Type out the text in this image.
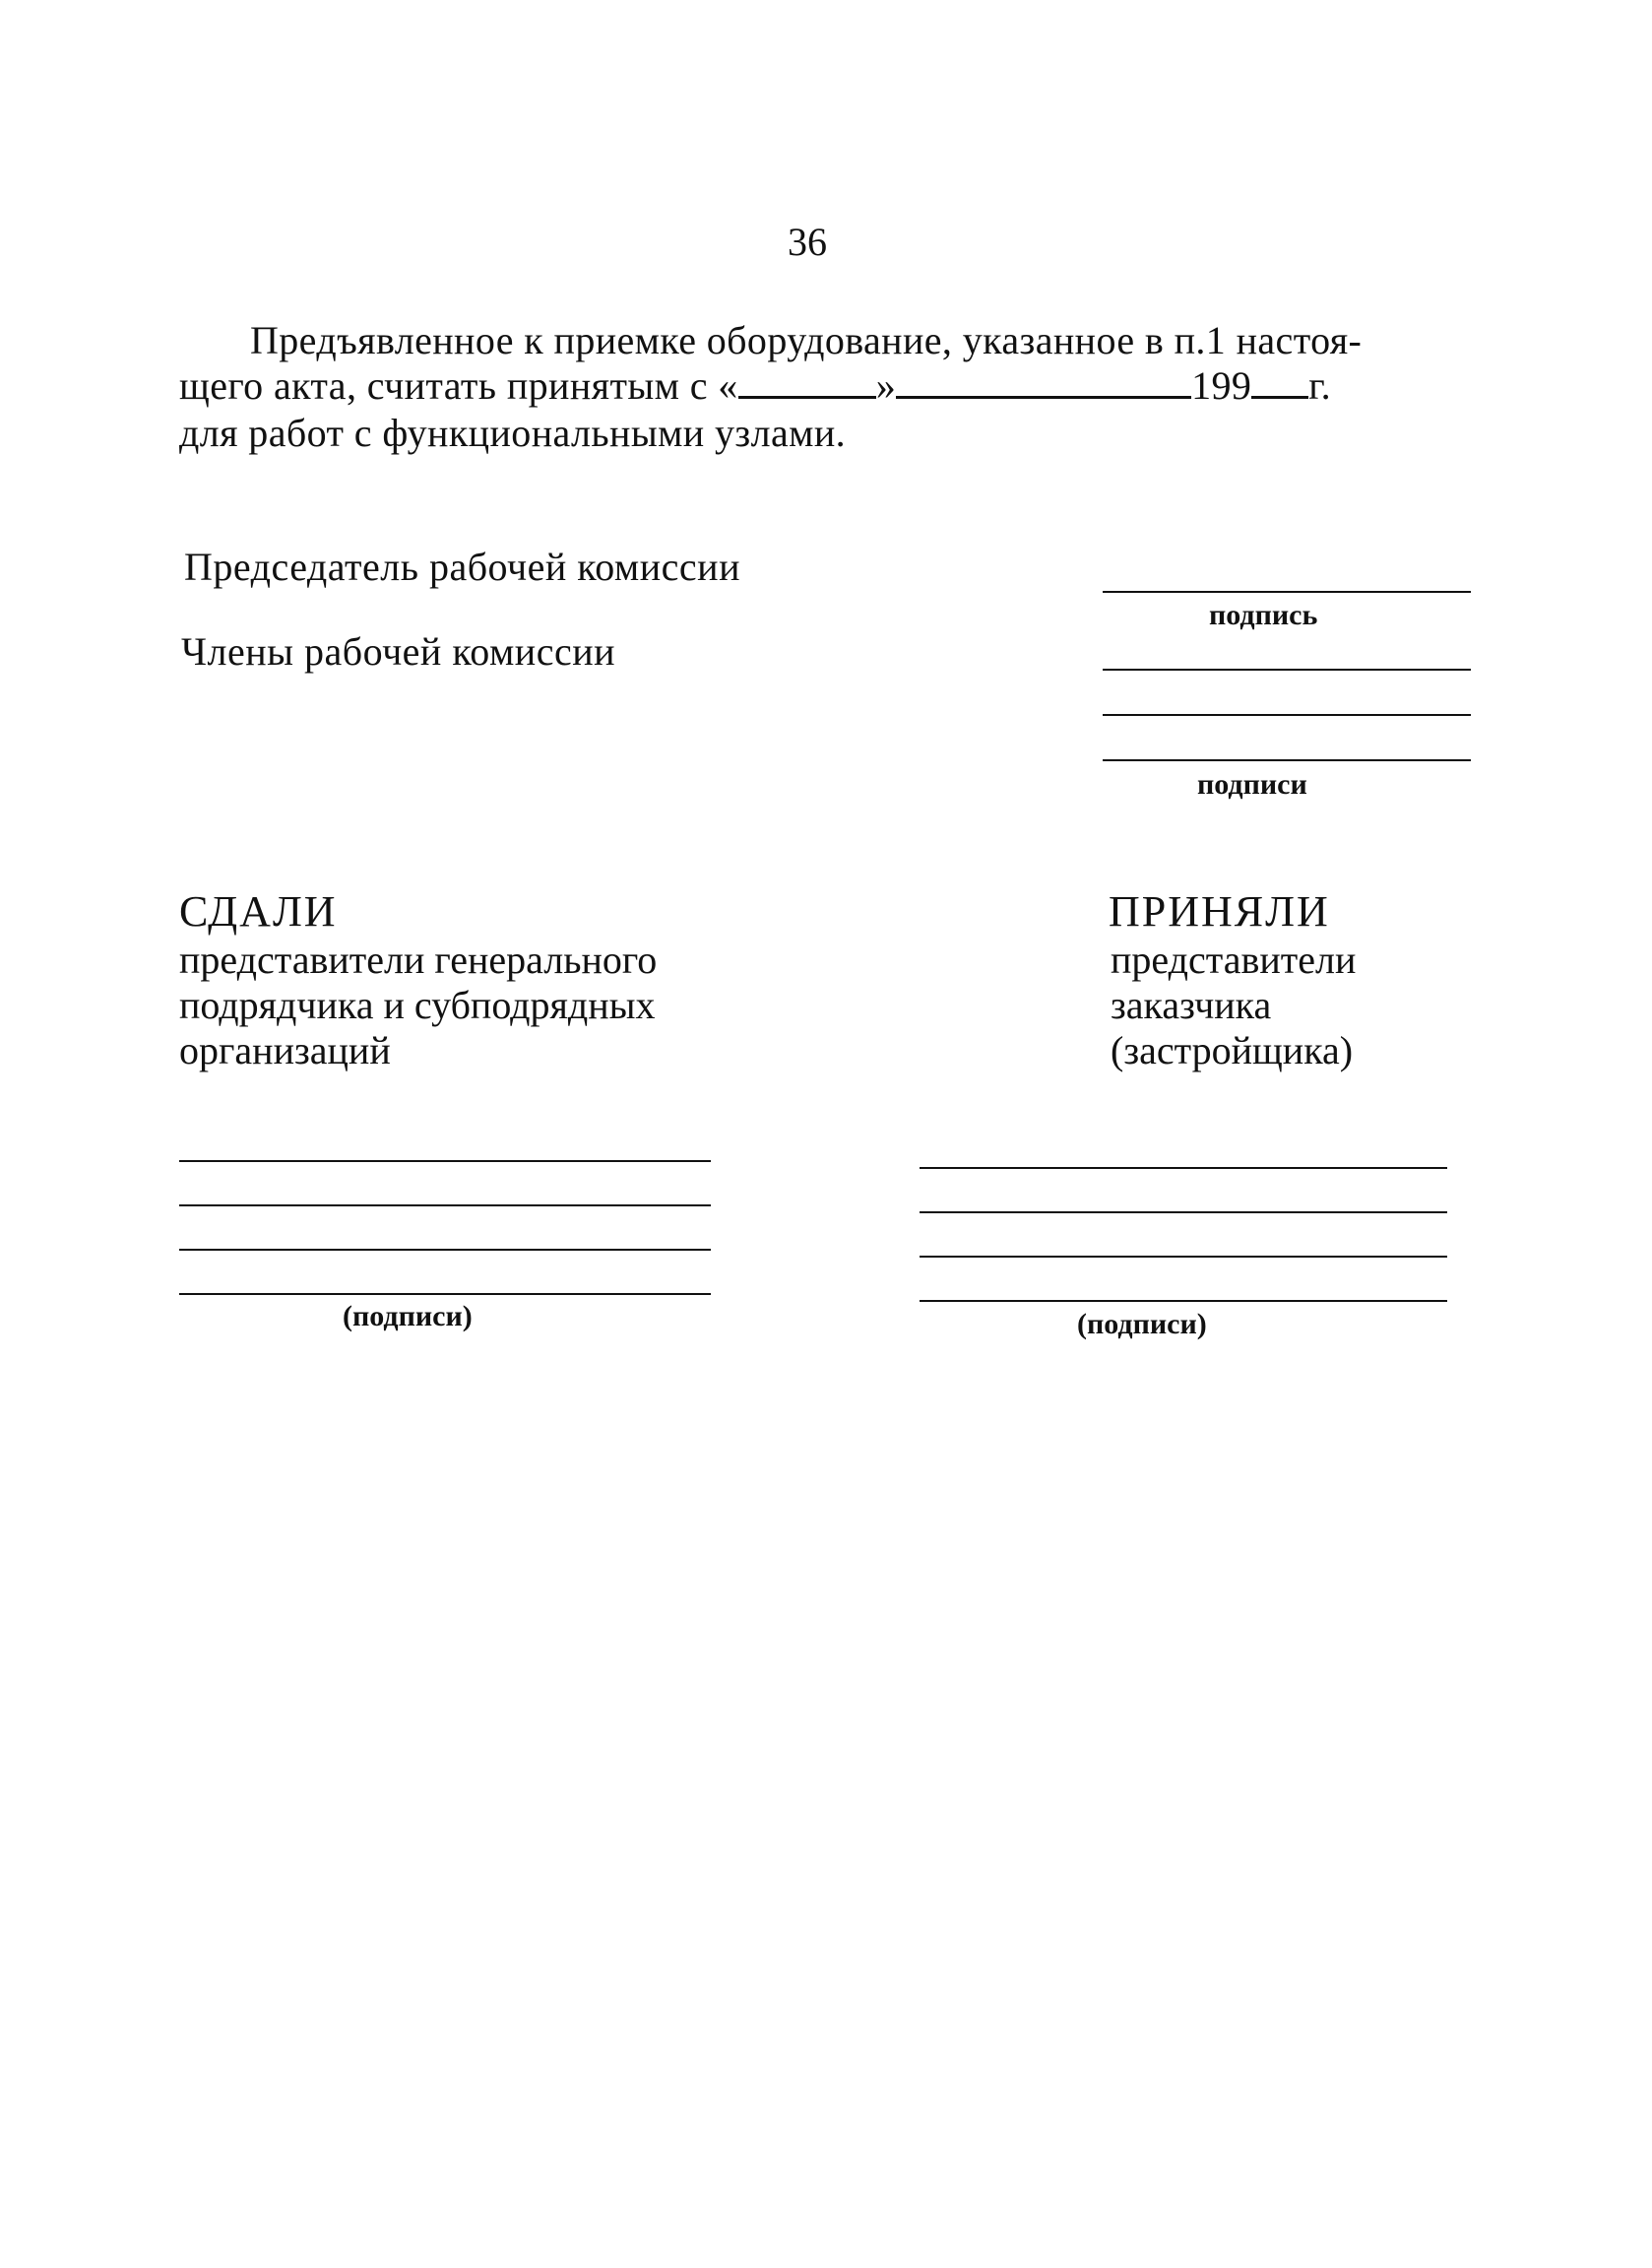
36
Предъявленное к приемке оборудование, указанное в п.1 настоя-
щего акта, считать принятым с «	»	199 г.
для работ с функциональными узлами.
Председатель рабочей комиссии
подпись
Члены рабочей комиссии
подписи
СДАЛИ
представители генерального
подрядчика и субподрядных
организаций
(подписи)
ПРИНЯЛИ
представители
заказчика
(застройщика)
(подписи)
